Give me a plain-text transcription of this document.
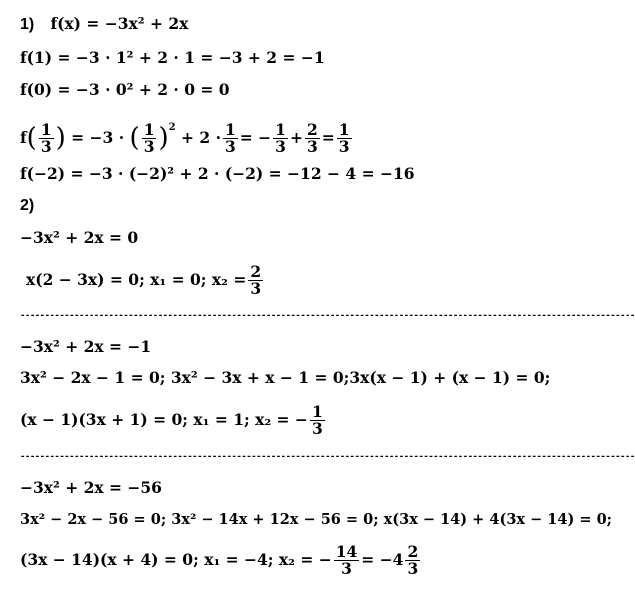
1) f(x) = −3x² + 2x
f(1) = −3 · 1² + 2 · 1 = −3 + 2 = −1
f(0) = −3 · 0² + 2 · 0 = 0
f ( $\frac{1}{3}$ ) = −3 · ( $\frac{1}{3} )^2$
+ $2 \cdot \frac{1}{3}$ = − $\frac{1}{3} + \frac{2}{3} = \frac{1}{3}$
f(−2) = −3 · (−2)² + 2 · (−2) = −12 − 4 = −16
2)
−3x² + 2x = 0
x(2 − 3x) = 0; x₁ = 0; $x_2 = \frac{2}{3}$
-----------------------------------------------------------------------------------------------------------------------------
−3x² + 2x = −1
3x² − 2x − 1 = 0; 3x² − 3x + x − 1 = 0;3x(x − 1) + (x − 1) = 0;
(x − 1)(3x + 1) = 0; x₁ = 1; x₂ = − $\frac{1}{3}$
-----------------------------------------------------------------------------------------------------------------------------
−3x² + 2x = −56
3x² − 2x − 56 = 0; 3x² − 14x + 12x − 56 = 0; x(3x − 14) + 4(3x − 14) = 0;
(3x − 14)(x + 4) = 0; x₁ = −4; x₂ = − $\frac{14}{3} = -4 \frac{2}{3}$
